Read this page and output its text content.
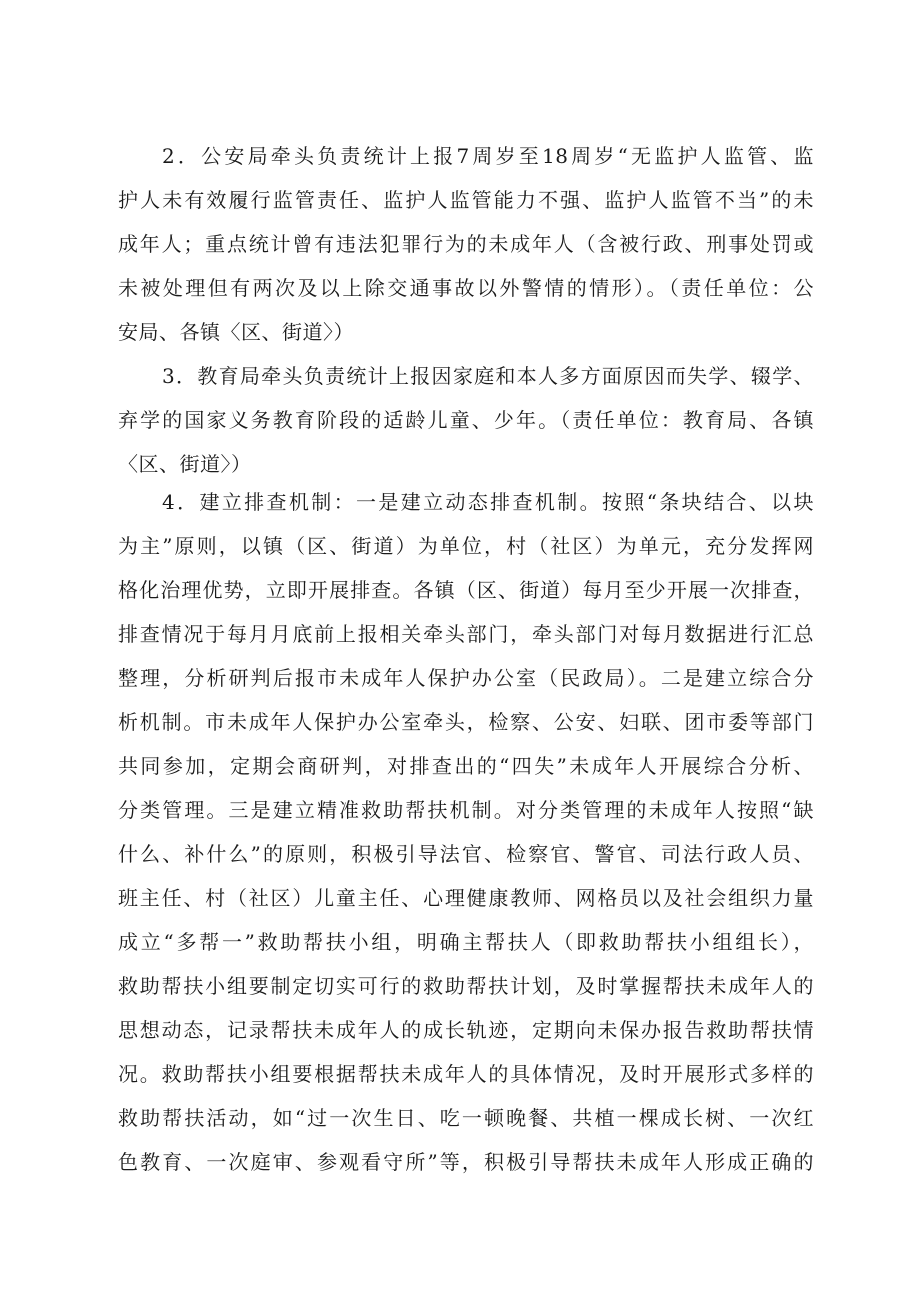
2．公安局牵头负责统计上报7周岁至18周岁“无监护人监管、监
护人未有效履行监管责任、监护人监管能力不强、监护人监管不当”的未
成年人；重点统计曾有违法犯罪行为的未成年人（含被行政、刑事处罚或
未被处理但有两次及以上除交通事故以外警情的情形）。（责任单位：公
安局、各镇〈区、街道〉）
3．教育局牵头负责统计上报因家庭和本人多方面原因而失学、辍学、
弃学的国家义务教育阶段的适龄儿童、少年。（责任单位：教育局、各镇
〈区、街道〉）
4．建立排查机制：一是建立动态排查机制。按照“条块结合、以块
为主”原则，以镇（区、街道）为单位，村（社区）为单元，充分发挥网
格化治理优势，立即开展排查。各镇（区、街道）每月至少开展一次排查，
排查情况于每月月底前上报相关牵头部门，牵头部门对每月数据进行汇总
整理，分析研判后报市未成年人保护办公室（民政局）。二是建立综合分
析机制。市未成年人保护办公室牵头，检察、公安、妇联、团市委等部门
共同参加，定期会商研判，对排查出的“四失”未成年人开展综合分析、
分类管理。三是建立精准救助帮扶机制。对分类管理的未成年人按照“缺
什么、补什么”的原则，积极引导法官、检察官、警官、司法行政人员、
班主任、村（社区）儿童主任、心理健康教师、网格员以及社会组织力量
成立“多帮一”救助帮扶小组，明确主帮扶人（即救助帮扶小组组长），
救助帮扶小组要制定切实可行的救助帮扶计划，及时掌握帮扶未成年人的
思想动态，记录帮扶未成年人的成长轨迹，定期向未保办报告救助帮扶情
况。救助帮扶小组要根据帮扶未成年人的具体情况，及时开展形式多样的
救助帮扶活动，如“过一次生日、吃一顿晚餐、共植一棵成长树、一次红
色教育、一次庭审、参观看守所”等，积极引导帮扶未成年人形成正确的
